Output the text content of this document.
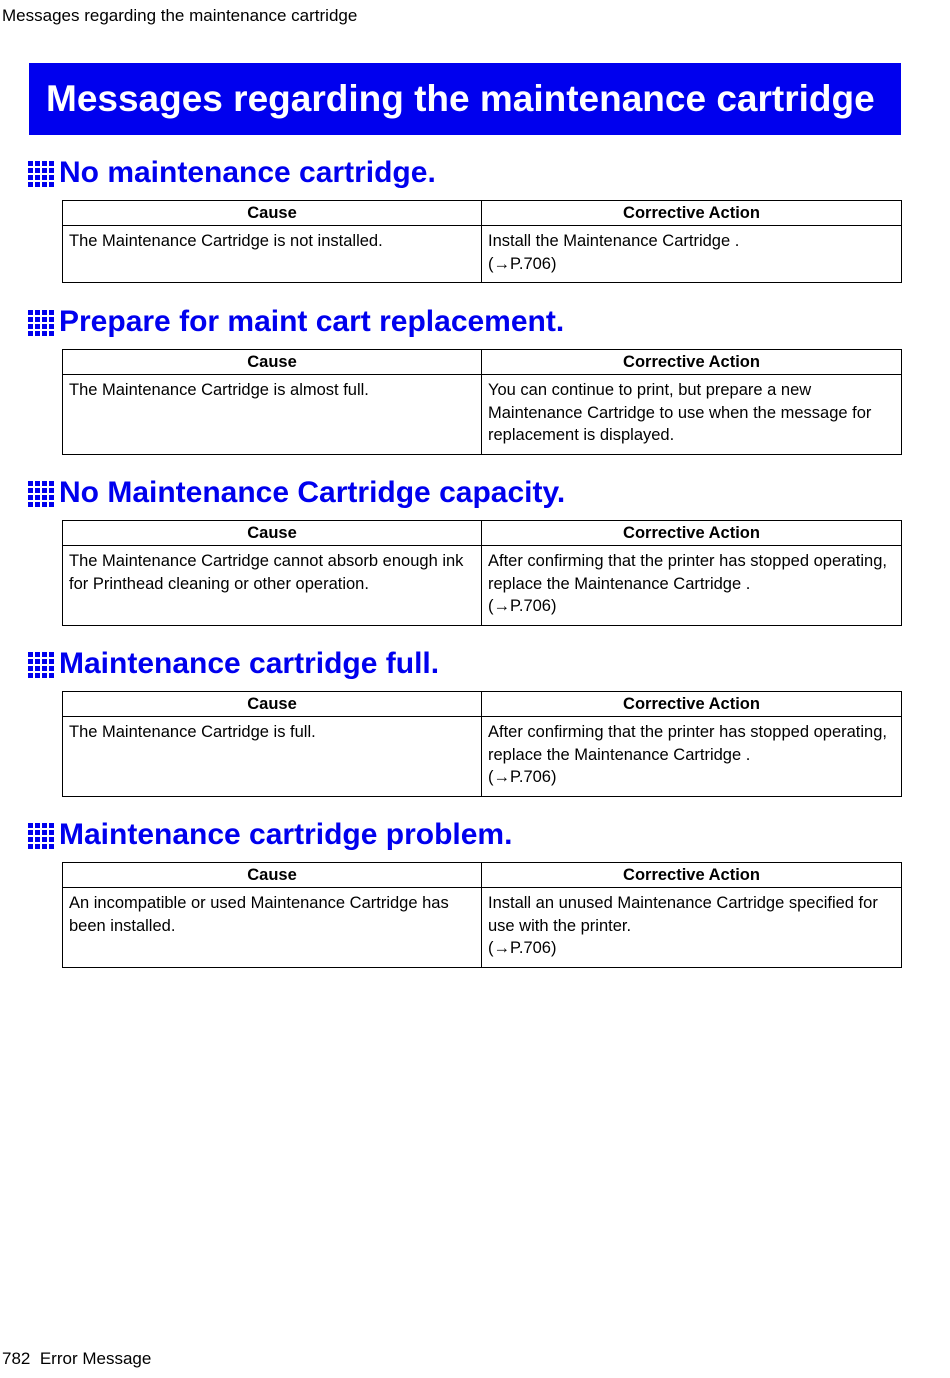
Messages regarding the maintenance cartridge
Messages regarding the maintenance cartridge
No maintenance cartridge.
Cause	Corrective Action
The Maintenance Cartridge is not installed.	Install the Maintenance Cartridge .
(→P.706)
Prepare for maint cart replacement.
Cause	Corrective Action
The Maintenance Cartridge is almost full.	You can continue to print, but prepare a new Maintenance Cartridge to use when the message for replacement is displayed.
No Maintenance Cartridge capacity.
Cause	Corrective Action
The Maintenance Cartridge cannot absorb enough ink for Printhead cleaning or other operation.	After confirming that the printer has stopped operating, replace the Maintenance Cartridge .
(→P.706)
Maintenance cartridge full.
Cause	Corrective Action
The Maintenance Cartridge is full.	After confirming that the printer has stopped operating, replace the Maintenance Cartridge .
(→P.706)
Maintenance cartridge problem.
Cause	Corrective Action
An incompatible or used Maintenance Cartridge has been installed.	Install an unused Maintenance Cartridge specified for use with the printer.
(→P.706)
782 Error Message
